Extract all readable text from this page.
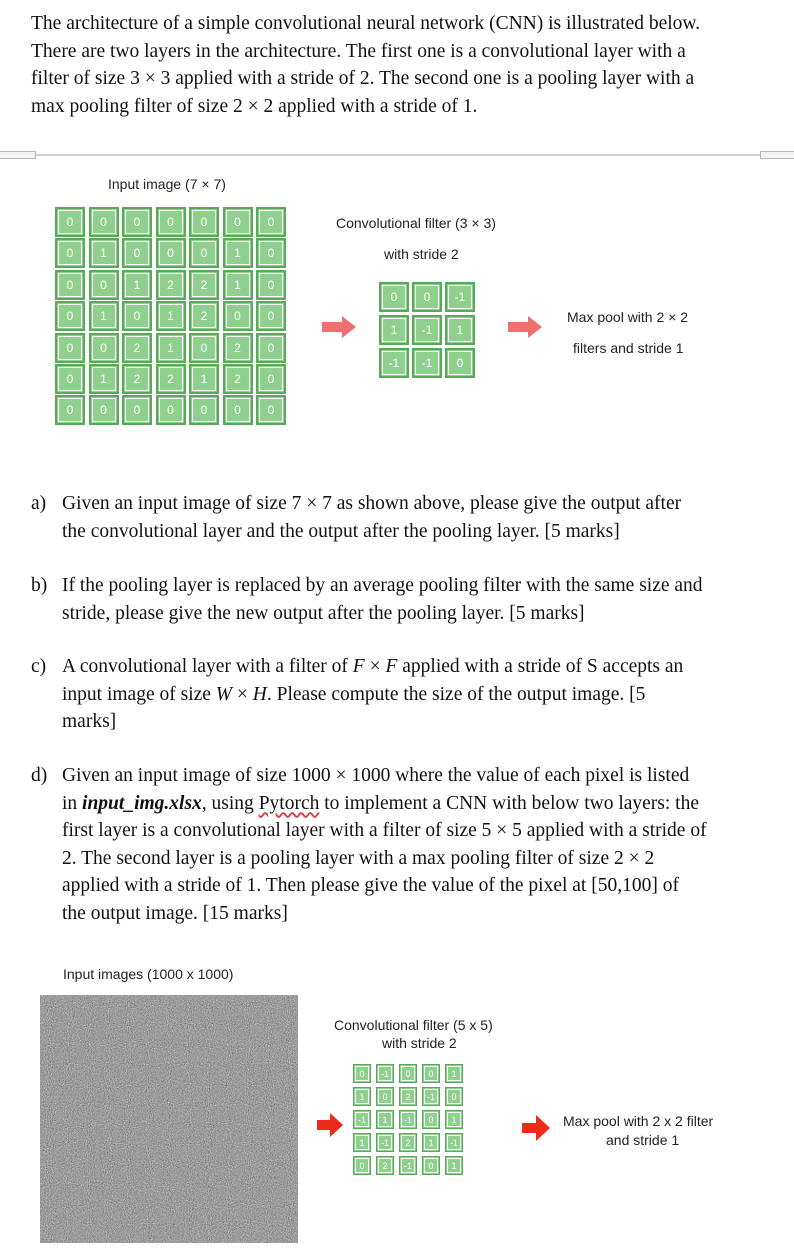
The architecture of a simple convolutional neural network (CNN) is illustrated below.
There are two layers in the architecture. The first one is a convolutional layer with a
filter of size 3 × 3 applied with a stride of 2. The second one is a pooling layer with a
max pooling filter of size 2 × 2 applied with a stride of 1.
Input image (7 × 7)
0	0	0	0	0	0	0
0	1	0	0	0	1	0
0	0	1	2	2	1	0
0	1	0	1	2	0	0
0	0	2	1	0	2	0
0	1	2	2	1	2	0
0	0	0	0	0	0	0
Convolutional filter (3 × 3)
with stride 2
0	0	-1
1	-1	1
-1	-1	0
Max pool with 2 × 2
filters and stride 1
a) Given an input image of size 7 × 7 as shown above, please give the output after
the convolutional layer and the output after the pooling layer. [5 marks]
b) If the pooling layer is replaced by an average pooling filter with the same size and
stride, please give the new output after the pooling layer. [5 marks]
c) A convolutional layer with a filter of F × F applied with a stride of S accepts an
input image of size W × H. Please compute the size of the output image. [5
marks]
d) Given an input image of size 1000 × 1000 where the value of each pixel is listed
in input_img.xlsx, using Pytorch to implement a CNN with below two layers: the
first layer is a convolutional layer with a filter of size 5 × 5 applied with a stride of
2. The second layer is a pooling layer with a max pooling filter of size 2 × 2
applied with a stride of 1. Then please give the value of the pixel at [50,100] of
the output image. [15 marks]
Input images (1000 x 1000)
Convolutional filter (5 x 5)
with stride 2
0	-1	0	0	1
1	0	2	-1	0
-1	1	-1	0	1
1	-1	2	1	-1
0	2	-1	0	1
Max pool with 2 x 2 filter
and stride 1
